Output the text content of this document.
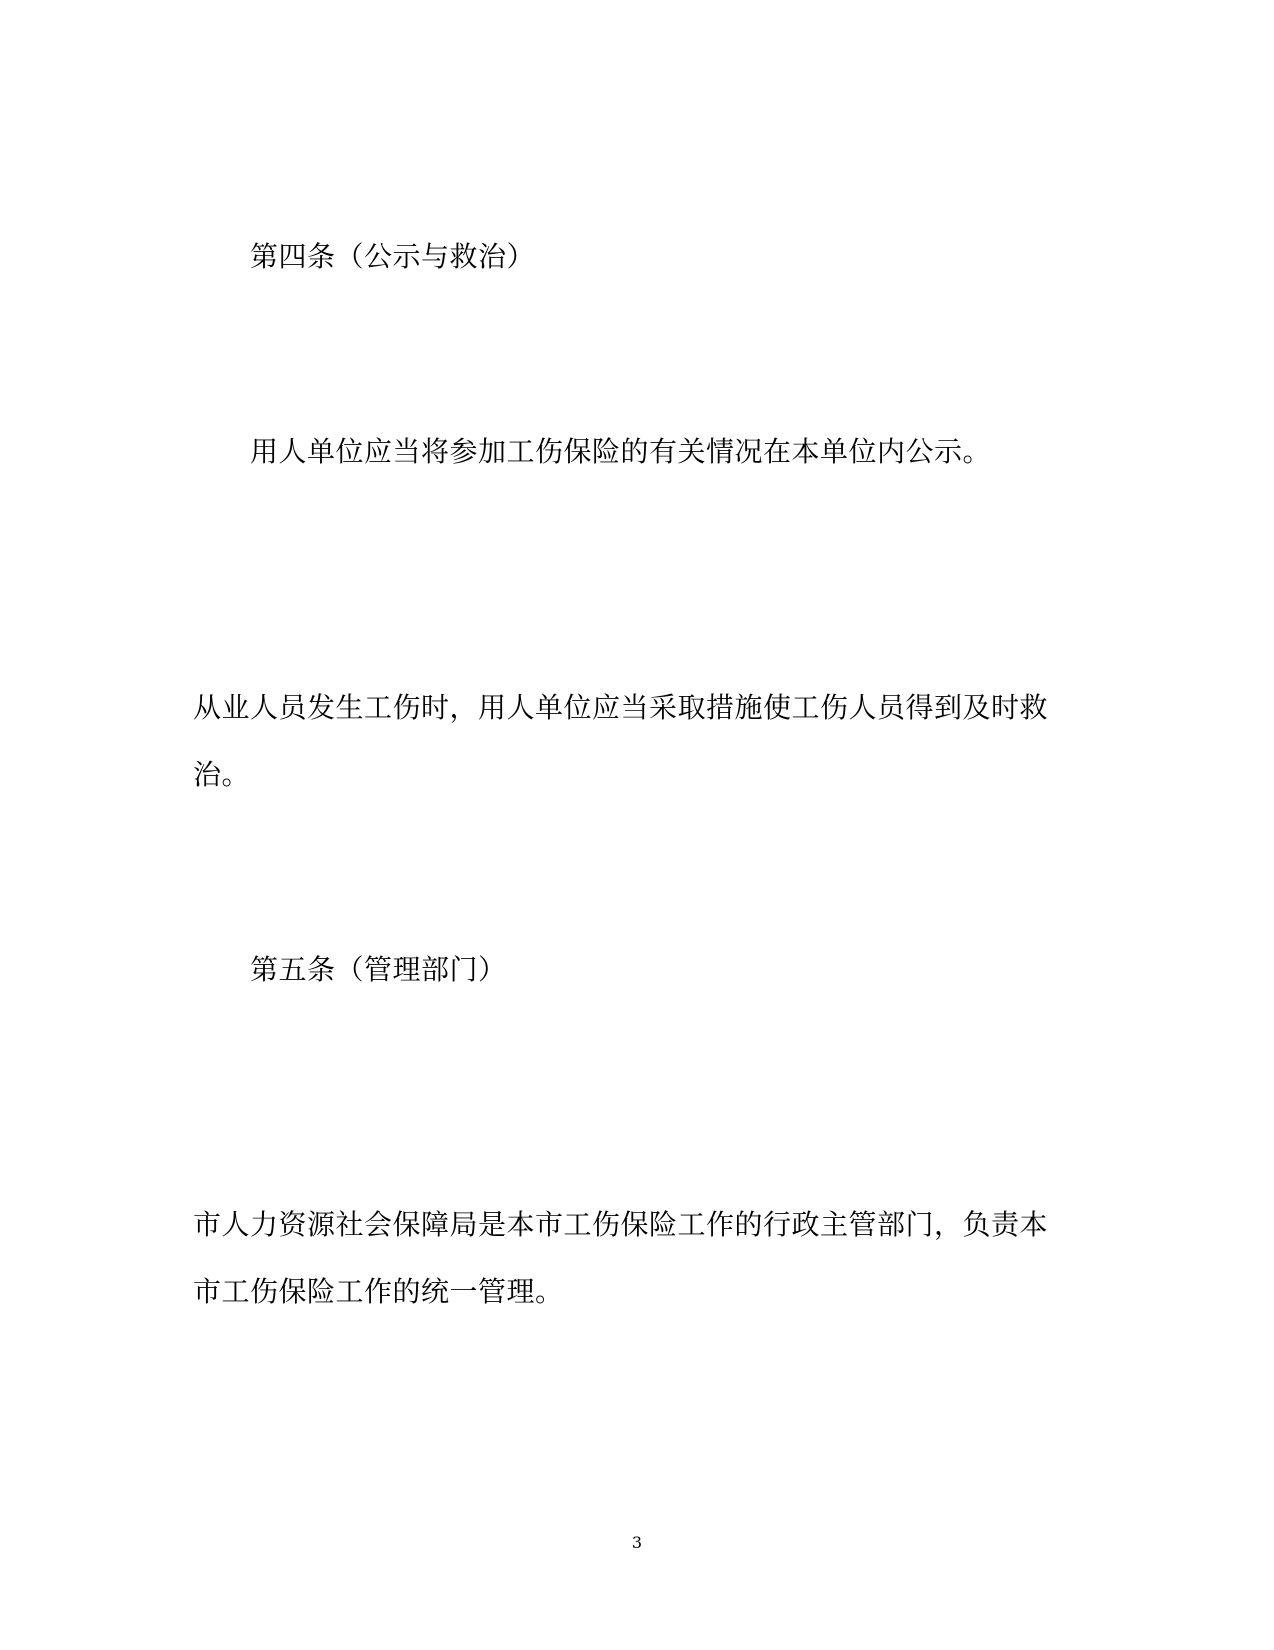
第四条（公示与救治）
用人单位应当将参加工伤保险的有关情况在本单位内公示。
从业人员发生工伤时，用人单位应当采取措施使工伤人员得到及时救
治。
第五条（管理部门）
市人力资源社会保障局是本市工伤保险工作的行政主管部门，负责本
市工伤保险工作的统一管理。
3
